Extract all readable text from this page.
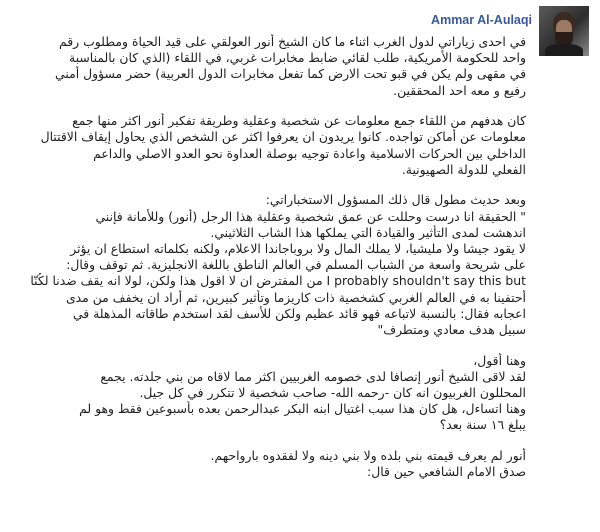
Ammar Al-Aulaqi
في احدى زياراتي لدول الغرب اثناء ما كان الشيخ أنور العولقي على قيد الحياة ومطلوب رقم
واحد للحكومة الأمريكية، طلب لقائي ضابط مخابرات غربي، في اللقاء (الذي كان بالمناسبة
في مقهى ولم يكن في قبو تحت الارض كما تفعل مخابرات الدول العربية) حضر مسؤول أمني
رفيع و معه احد المحققين.
كان هدفهم من اللقاء جمع معلومات عن شخصية وعقلية وطريقة تفكير أنور اكثر منها جمع
معلومات عن أماكن تواجده. كانوا يريدون ان يعرفوا اكثر عن الشخص الذي يحاول إيقاف الاقتتال
الداخلي بين الحركات الاسلامية واعادة توجيه بوصلة العداوة نحو العدو الاصلي والداعم
الفعلي للدولة الصهيونية.
وبعد حديث مطول قال ذلك المسؤول الاستخباراتي:
" الحقيقة انا درست وحللت عن عمق شخصية وعقلية هذا الرجل (أنور) وللأمانة فإنني
اندهشت لمدى التأثير والقيادة التي يملكها هذا الشاب الثلاثيني.
لا يقود جيشا ولا مليشيا، لا يملك المال ولا بروباجاندا الاعلام، ولكنه بكلماته استطاع ان يؤثر
على شريحة واسعة من الشباب المسلم في العالم الناطق باللغة الانجليزية. ثم توقف وقال:
I probably shouldn't say this but من المفترض ان لا اقول هذا ولكن، لولا انه يقف ضدنا لكُنّا
أحتفينا به في العالم الغربي كشخصية ذات كاريزما وتأثير كبيرين، ثم أراد ان يخفف من مدى
اعجابه فقال: بالنسبة لاتباعه فهو قائد عظيم ولكن للأسف لقد استخدم طاقاته المذهلة في
سبيل هدف معادي ومتطرف"
وهنا أقول،
لقد لاقى الشيخ أنور إنصافا لدى خصومه الغربيين اكثر مما لاقاه من بني جلدته. يجمع
المحللون الغربيون انه كان -رحمه الله- صاحب شخصية لا تتكرر في كل جيل.
وهنا اتساءل، هل كان هذا سبب اغتيال ابنه البكر عبدالرحمن بعده بأسبوعين فقط وهو لم
يبلغ ١٦ سنة بعد؟
أنور لم يعرف قيمته بني بلده ولا بني دينه ولا لفقدوه بارواحهم.
صدق الامام الشافعي حين قال:
